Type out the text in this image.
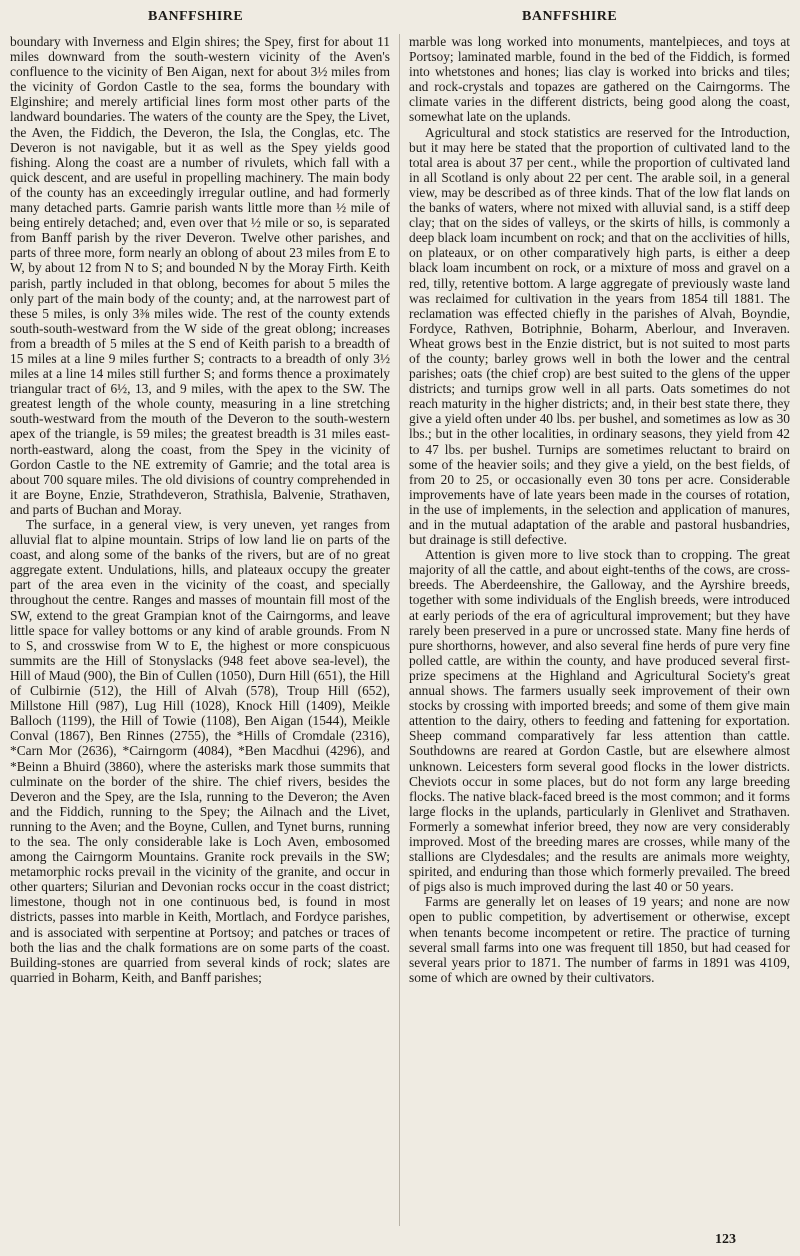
BANFFSHIRE	BANFFSHIRE

boundary with Inverness and Elgin shires; the Spey, first for about 11 miles downward from the south-western vicinity of the Aven's confluence to the vicinity of Ben Aigan, next for about 3½ miles from the vicinity of Gordon Castle to the sea, forms the boundary with Elginshire; and merely artificial lines form most other parts of the landward boundaries. The waters of the county are the Spey, the Livet, the Aven, the Fiddich, the Deveron, the Isla, the Conglas, etc. The Deveron is not navigable, but it as well as the Spey yields good fishing. Along the coast are a number of rivulets, which fall with a quick descent, and are useful in propelling machinery. The main body of the county has an exceedingly irregular outline, and had formerly many detached parts. Gamrie parish wants little more than ½ mile of being entirely detached; and, even over that ½ mile or so, is separated from Banff parish by the river Deveron. Twelve other parishes, and parts of three more, form nearly an oblong of about 23 miles from E to W, by about 12 from N to S; and bounded N by the Moray Firth. Keith parish, partly included in that oblong, becomes for about 5 miles the only part of the main body of the county; and, at the narrowest part of these 5 miles, is only 3⅜ miles wide. The rest of the county extends south-south-westward from the W side of the great oblong; increases from a breadth of 5 miles at the S end of Keith parish to a breadth of 15 miles at a line 9 miles further S; contracts to a breadth of only 3½ miles at a line 14 miles still further S; and forms thence a proximately triangular tract of 6½, 13, and 9 miles, with the apex to the SW. The greatest length of the whole county, measuring in a line stretching south-westward from the mouth of the Deveron to the south-western apex of the triangle, is 59 miles; the greatest breadth is 31 miles east-north-eastward, along the coast, from the Spey in the vicinity of Gordon Castle to the NE extremity of Gamrie; and the total area is about 700 square miles. The old divisions of country comprehended in it are Boyne, Enzie, Strathdeveron, Strathisla, Balvenie, Strathaven, and parts of Buchan and Moray.

The surface, in a general view, is very uneven, yet ranges from alluvial flat to alpine mountain. Strips of low land lie on parts of the coast, and along some of the banks of the rivers, but are of no great aggregate extent. Undulations, hills, and plateaux occupy the greater part of the area even in the vicinity of the coast, and specially throughout the centre. Ranges and masses of mountain fill most of the SW, extend to the great Grampian knot of the Cairngorms, and leave little space for valley bottoms or any kind of arable grounds. From N to S, and crosswise from W to E, the highest or more conspicuous summits are the Hill of Stonyslacks (948 feet above sea-level), the Hill of Maud (900), the Bin of Cullen (1050), Durn Hill (651), the Hill of Culbirnie (512), the Hill of Alvah (578), Troup Hill (652), Millstone Hill (987), Lug Hill (1028), Knock Hill (1409), Meikle Balloch (1199), the Hill of Towie (1108), Ben Aigan (1544), Meikle Conval (1867), Ben Rinnes (2755), the *Hills of Cromdale (2316), *Carn Mor (2636), *Cairngorm (4084), *Ben Macdhui (4296), and *Beinn a Bhuird (3860), where the asterisks mark those summits that culminate on the border of the shire. The chief rivers, besides the Deveron and the Spey, are the Isla, running to the Deveron; the Aven and the Fiddich, running to the Spey; the Ailnach and the Livet, running to the Aven; and the Boyne, Cullen, and Tynet burns, running to the sea. The only considerable lake is Loch Aven, embosomed among the Cairngorm Mountains. Granite rock prevails in the SW; metamorphic rocks prevail in the vicinity of the granite, and occur in other quarters; Silurian and Devonian rocks occur in the coast district; limestone, though not in one continuous bed, is found in most districts, passes into marble in Keith, Mortlach, and Fordyce parishes, and is associated with serpentine at Portsoy; and patches or traces of both the lias and the chalk formations are on some parts of the coast. Building-stones are quarried from several kinds of rock; slates are quarried in Boharm, Keith, and Banff parishes;

marble was long worked into monuments, mantelpieces, and toys at Portsoy; laminated marble, found in the bed of the Fiddich, is formed into whetstones and hones; lias clay is worked into bricks and tiles; and rock-crystals and topazes are gathered on the Cairngorms. The climate varies in the different districts, being good along the coast, somewhat late on the uplands.

Agricultural and stock statistics are reserved for the Introduction, but it may here be stated that the proportion of cultivated land to the total area is about 37 per cent., while the proportion of cultivated land in all Scotland is only about 22 per cent. The arable soil, in a general view, may be described as of three kinds. That of the low flat lands on the banks of waters, where not mixed with alluvial sand, is a stiff deep clay; that on the sides of valleys, or the skirts of hills, is commonly a deep black loam incumbent on rock; and that on the acclivities of hills, on plateaux, or on other comparatively high parts, is either a deep black loam incumbent on rock, or a mixture of moss and gravel on a red, tilly, retentive bottom. A large aggregate of previously waste land was reclaimed for cultivation in the years from 1854 till 1881. The reclamation was effected chiefly in the parishes of Alvah, Boyndie, Fordyce, Rathven, Botriphnie, Boharm, Aberlour, and Inveraven. Wheat grows best in the Enzie district, but is not suited to most parts of the county; barley grows well in both the lower and the central parishes; oats (the chief crop) are best suited to the glens of the upper districts; and turnips grow well in all parts. Oats sometimes do not reach maturity in the higher districts; and, in their best state there, they give a yield often under 40 lbs. per bushel, and sometimes as low as 30 lbs.; but in the other localities, in ordinary seasons, they yield from 42 to 47 lbs. per bushel. Turnips are sometimes reluctant to braird on some of the heavier soils; and they give a yield, on the best fields, of from 20 to 25, or occasionally even 30 tons per acre. Considerable improvements have of late years been made in the courses of rotation, in the use of implements, in the selection and application of manures, and in the mutual adaptation of the arable and pastoral husbandries, but drainage is still defective.

Attention is given more to live stock than to cropping. The great majority of all the cattle, and about eight-tenths of the cows, are cross-breeds. The Aberdeenshire, the Galloway, and the Ayrshire breeds, together with some individuals of the English breeds, were introduced at early periods of the era of agricultural improvement; but they have rarely been preserved in a pure or uncrossed state. Many fine herds of pure shorthorns, however, and also several fine herds of pure very fine polled cattle, are within the county, and have produced several first-prize specimens at the Highland and Agricultural Society's great annual shows. The farmers usually seek improvement of their own stocks by crossing with imported breeds; and some of them give main attention to the dairy, others to feeding and fattening for exportation. Sheep command comparatively far less attention than cattle. Southdowns are reared at Gordon Castle, but are elsewhere almost unknown. Leicesters form several good flocks in the lower districts. Cheviots occur in some places, but do not form any large breeding flocks. The native black-faced breed is the most common; and it forms large flocks in the uplands, particularly in Glenlivet and Strathaven. Formerly a somewhat inferior breed, they now are very considerably improved. Most of the breeding mares are crosses, while many of the stallions are Clydesdales; and the results are animals more weighty, spirited, and enduring than those which formerly prevailed. The breed of pigs also is much improved during the last 40 or 50 years.

Farms are generally let on leases of 19 years; and none are now open to public competition, by advertisement or otherwise, except when tenants become incompetent or retire. The practice of turning several small farms into one was frequent till 1850, but had ceased for several years prior to 1871. The number of farms in 1891 was 4109, some of which are owned by their cultivators.

123
